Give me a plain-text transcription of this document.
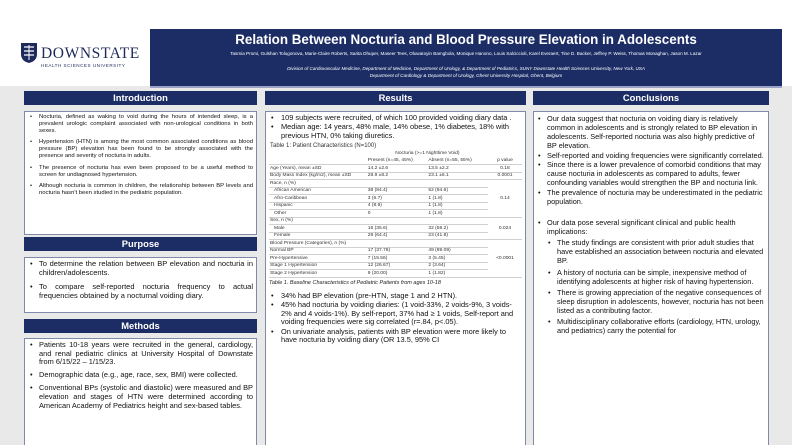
DOWNSTATE
HEALTH SCIENCES UNIVERSITY
Relation Between Nocturia and Blood Pressure Elevation in Adolescents
Tasmia Promi, Gulshan Tolugonova, Marie-Claire Roberts, Sarita Dhuper, Maseer Tees, Oluwatoyin Bamgbola, Monique Hanono, Louis Salciccioli, Karel Everaert, Tine D. Backer, Jeffrey P. Weiss, Thomas Monaghan, Jason M. Lazar
Division of Cardiovascular Medicine, Department of Medicine, Department of Urology, & Department of Pediatrics, SUNY Downstate Health Sciences University, New York, USA
Department of Cardiology & Department of Urology, Ghent University Hospital, Ghent, Belgium
Introduction
• Nocturia, defined as waking to void during the hours of intended sleep, is a prevalent urologic complaint associated with non-urological conditions in both sexes.
• Hypertension (HTN) is among the most common associated conditions as blood pressure (BP) elevation has been found to be strongly associated with the presence and severity of nocturia in adults.
• The presence of nocturia has even been proposed to be a useful method to screen for undiagnosed hypertension.
• Although nocturia is common in children, the relationship between BP levels and nocturia hasn't been studied in the pediatric population.
Purpose
• To determine the relation between BP elevation and nocturia in children/adolescents.
• To compare self-reported nocturia frequency to actual frequencies obtained by a nocturnal voiding diary.
Methods
• Patients 10-18 years were recruited in the general, cardiology, and renal pediatric clinics at University Hospital of Downstate from 6/15/22 – 1/15/23.
• Demographic data (e.g., age, race, sex, BMI) were collected.
• Conventional BPs (systolic and diastolic) were measured and BP elevation and stages of HTN were determined according to American Academy of Pediatrics height and sex-based tables.
Results
• 109 subjects were recruited, of which 100 provided voiding diary data .
• Median age: 14 years, 48% male, 14% obese, 1% diabetes, 18% with previous HTN, 0% taking diuretics.
Table 1: Patient Characteristics (N=100)
	Nocturia (>=1 Nighttime Void)		
	Present (n=45, 45%)	Absent (n=55, 55%)	p value
Age (Years), mean ±SD	14.2 ±2.6	13.5 ±2.2	0.18
Body Mass Index (kg/m2), mean ±SD	28.9 ±8.2	23.1 ±6.1	0.0001
Race, n (%)			0.14
African American	38 (84.4)	52 (94.6)	
Afro-Caribbean	3 (6.7)	1 (1.8)	
Hispanic	4 (8.9)	1 (1.8)	
Other	0	1 (1.8)	
Sex, n (%)			0.024
Male	16 (35.6)	32 (58.2)	
Female	29 (64.4)	23 (41.8)	
Blood Pressure (Categories), n (%)			<0.0001
Normal BP	17 (37.78)	49 (89.09)	
Pre-Hypertensive	7 (15.56)	3 (5.45)	
Stage 1 Hypertension	12 (26.67)	2 (3.64)	
Stage 2 Hypertension	9 (20.00)	1 (1.82)	
Table 1. Baseline Characteristics of Pediatric Patients from ages 10-18
• 34% had BP elevation (pre-HTN, stage 1 and 2 HTN).
• 45% had nocturia by voiding diaries: (1 void-33%, 2 voids-9%, 3 voids-2% and 4 voids-1%). By self-report, 37% had ≥ 1 voids, Self-report and voiding frequencies were sig correlated (r=.84, p<.05).
• On univariate analysis, patients with BP elevation were more likely to have nocturia by voiding diary (OR 13.5, 95% CI
Conclusions
• Our data suggest that nocturia on voiding diary is relatively common in adolescents and is strongly related to BP elevation in adolescents. Self-reported nocturia was also highly predictive of BP elevation.
• Self-reported and voiding frequencies were significantly correlated.
• Since there is a lower prevalence of comorbid conditions that may cause nocturia in adolescents as compared to adults, fewer confounding variables would strengthen the BP and nocturia link.
• The prevalence of nocturia may be underestimated in the pediatric population.
• Our data pose several significant clinical and public health implications:
• The study findings are consistent with prior adult studies that have established an association between nocturia and elevated BP.
• A history of nocturia can be simple, inexpensive method of identifying adolescents at higher risk of having hypertension.
• There is growing appreciation of the negative consequences of sleep disruption in adolescents, however, nocturia has not been listed as a contributing factor.
• Multidisciplinary collaborative efforts (cardiology, HTN, urology, and pediatrics) carry the potential for
